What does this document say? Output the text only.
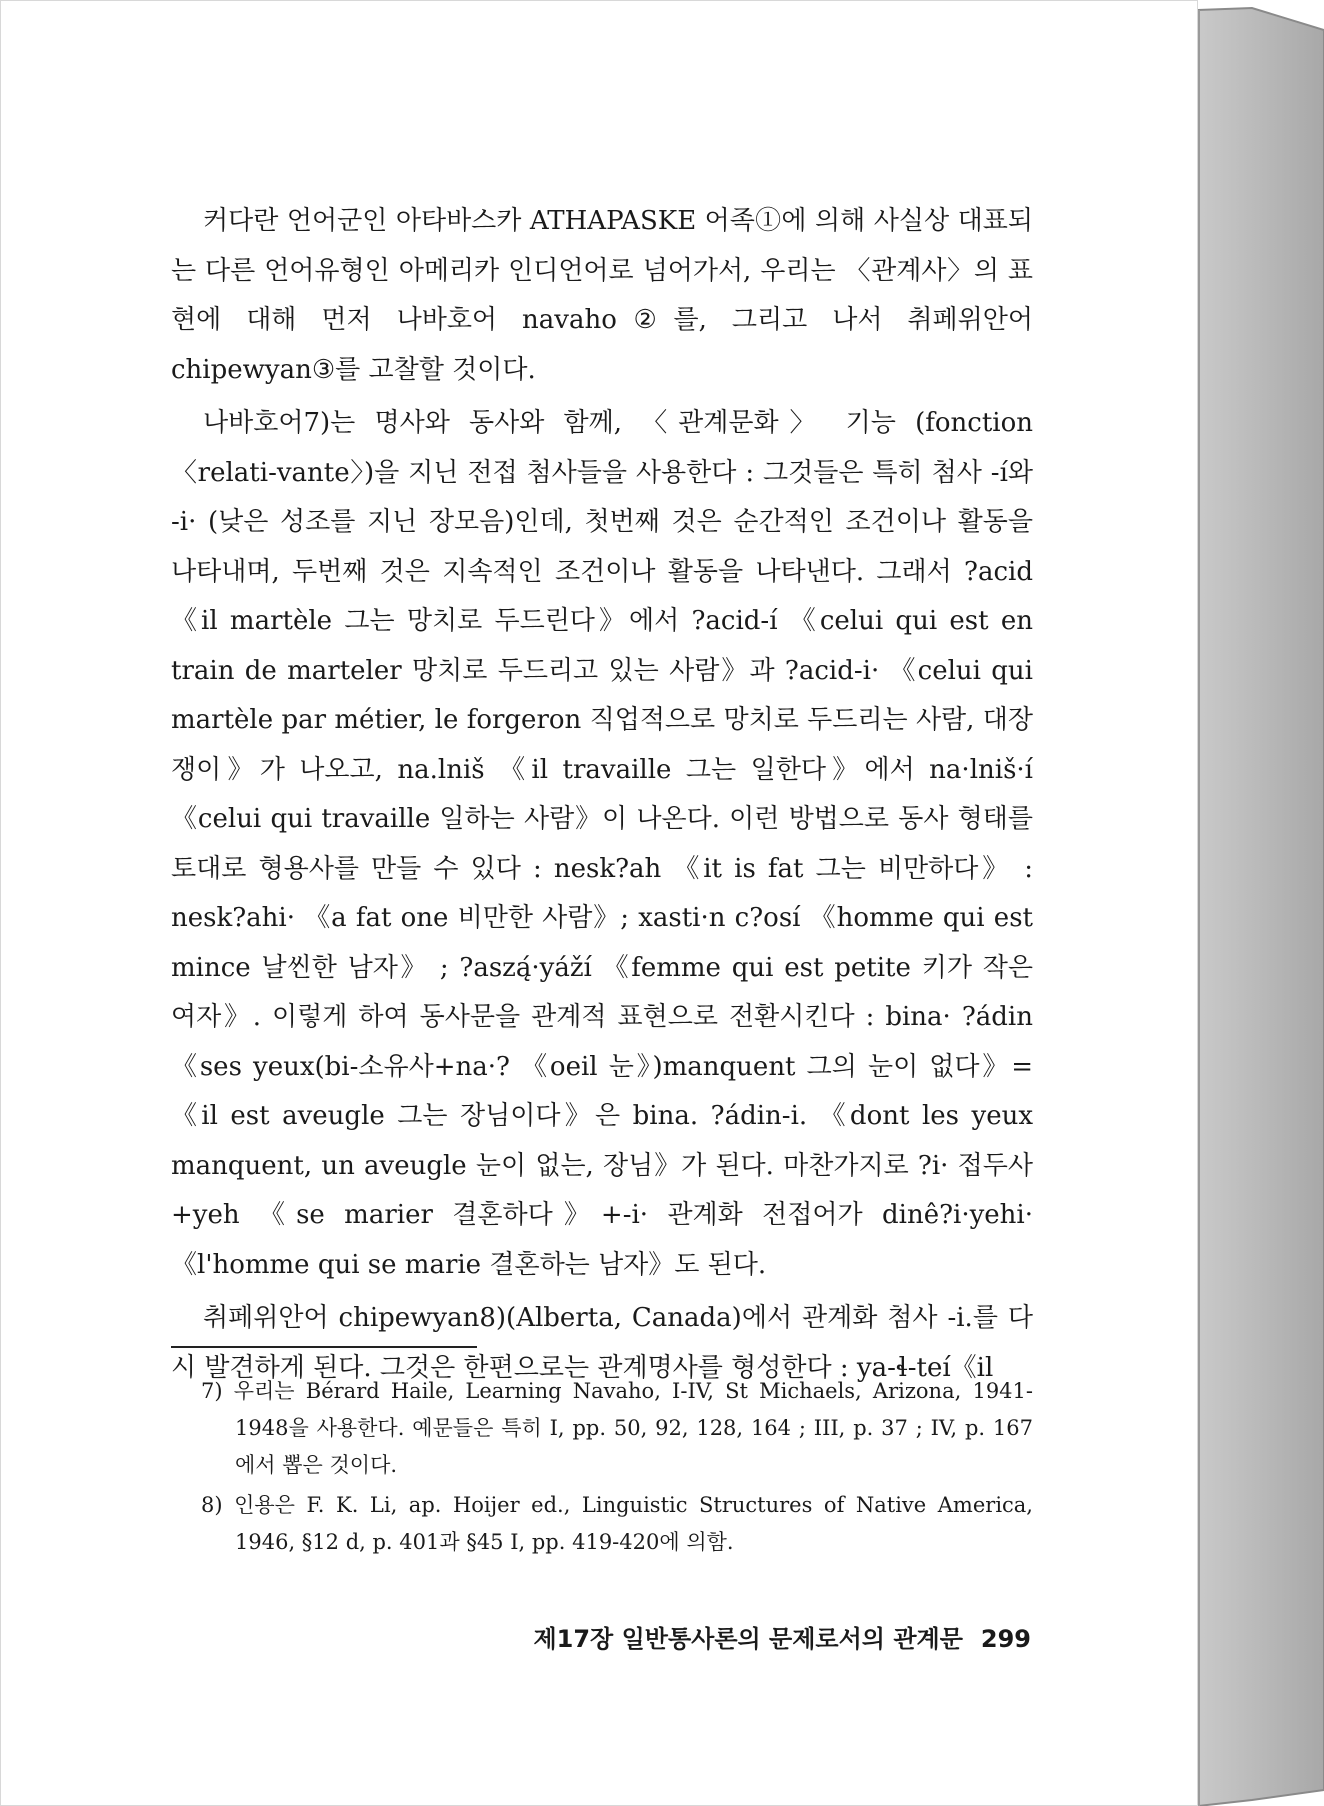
커다란 언어군인 아타바스카 ATHAPASKE 어족①에 의해 사실상 대표되는 다른 언어유형인 아메리카 인디언어로 넘어가서, 우리는 〈관계사〉의 표현에 대해 먼저 나바호어 navaho②를, 그리고 나서 취페위안어 chipewyan③를 고찰할 것이다.

나바호어7)는 명사와 동사와 함께, 〈관계문화〉 기능 (fonction〈relati-vante〉)을 지닌 전접 첨사들을 사용한다 : 그것들은 특히 첨사 -í와 -i· (낮은 성조를 지닌 장모음)인데, 첫번째 것은 순간적인 조건이나 활동을 나타내며, 두번째 것은 지속적인 조건이나 활동을 나타낸다. 그래서 ?acid 《il martèle 그는 망치로 두드린다》에서 ?acid-í 《celui qui est en train de marteler 망치로 두드리고 있는 사람》과 ?acid-i· 《celui qui martèle par métier, le forgeron 직업적으로 망치로 두드리는 사람, 대장쟁이》가 나오고, na.lniš 《il travaille 그는 일한다》에서 na·lniš·í 《celui qui travaille 일하는 사람》이 나온다. 이런 방법으로 동사 형태를 토대로 형용사를 만들 수 있다 : nesk?ah 《it is fat 그는 비만하다》 : nesk?ahi· 《a fat one 비만한 사람》; xasti·n c?osí 《homme qui est mince 날씬한 남자》 ; ?aszą́·yáží 《femme qui est petite 키가 작은 여자》. 이렇게 하여 동사문을 관계적 표현으로 전환시킨다 : bina· ?ádin《ses yeux(bi-소유사+na·? 《oeil 눈》)manquent 그의 눈이 없다》=《il est aveugle 그는 장님이다》은 bina. ?ádin-i. 《dont les yeux manquent, un aveugle 눈이 없는, 장님》가 된다. 마찬가지로 ?i· 접두사+yeh 《se marier 결혼하다》+-i· 관계화 전접어가 dinê?i·yehi· 《l'homme qui se marie 결혼하는 남자》도 된다.

취페위안어 chipewyan8)(Alberta, Canada)에서 관계화 첨사 -i.를 다시 발견하게 된다. 그것은 한편으로는 관계명사를 형성한다 : ya-ɬ-teí《il

7) 우리는 Bérard Haile, Learning Navaho, I-IV, St Michaels, Arizona, 1941-1948을 사용한다. 예문들은 특히 I, pp. 50, 92, 128, 164 ; III, p. 37 ; IV, p. 167에서 뽑은 것이다.

8) 인용은 F. K. Li, ap. Hoijer ed., Linguistic Structures of Native America, 1946, §12 d, p. 401과 §45 I, pp. 419-420에 의함.

제17장 일반통사론의 문제로서의 관계문 299
